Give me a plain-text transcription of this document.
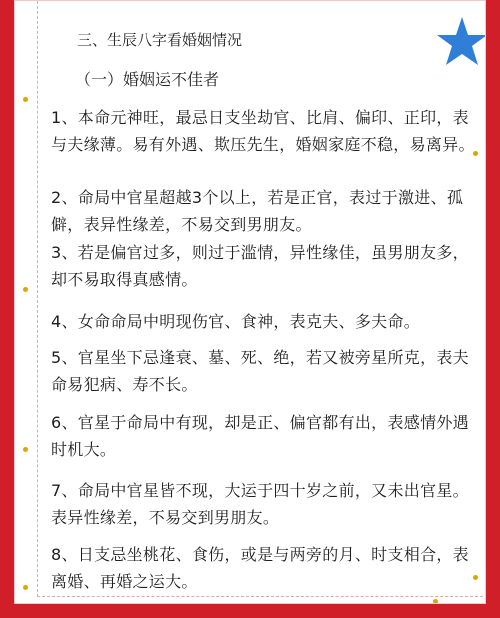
三、生辰八字看婚姻情况
（一）婚姻运不佳者
1、本命元神旺，最忌日支坐劫官、比肩、偏印、正印，表与夫缘薄。易有外遇、欺压先生，婚姻家庭不稳，易离异。
2、命局中官星超越3个以上，若是正官，表过于激进、孤僻，表异性缘差，不易交到男朋友。
3、若是偏官过多，则过于滥情，异性缘佳，虽男朋友多，却不易取得真感情。
4、女命命局中明现伤官、食神，表克夫、多夫命。
5、官星坐下忌逢衰、墓、死、绝，若又被旁星所克，表夫命易犯病、寿不长。
6、官星于命局中有现，却是正、偏官都有出，表感情外遇时机大。
7、命局中官星皆不现，大运于四十岁之前，又未出官星。表异性缘差，不易交到男朋友。
8、日支忌坐桃花、食伤，或是与两旁的月、时支相合，表离婚、再婚之运大。
